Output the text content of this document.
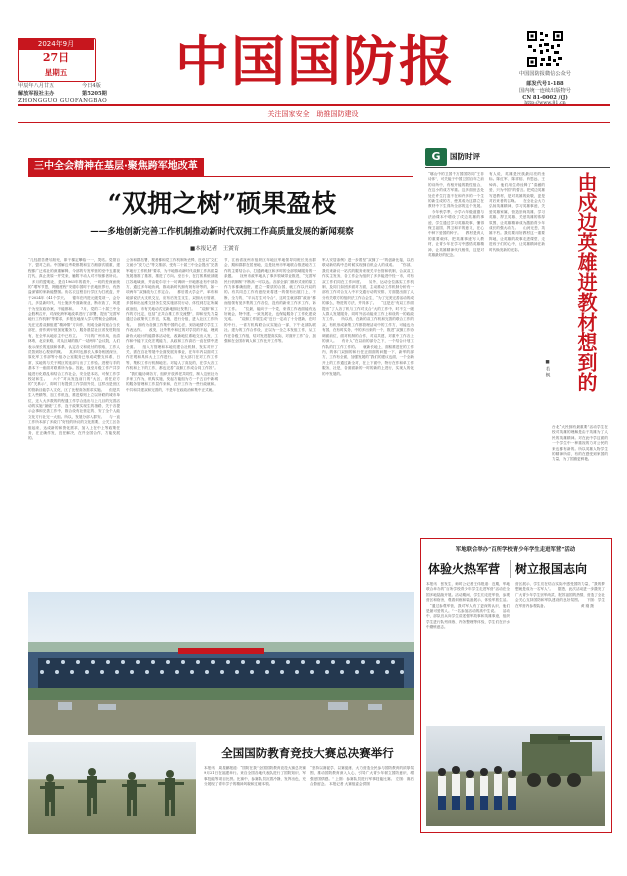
2024年9月
27日
星期五
甲辰年八月廿五	今日4版
解放军报社主办	第5205期
ZHONGGUO GUOFANGBAO
中国国防报	中国国防报微信公众号
邮发代号1-188
国内统一连续出版物号
CN 81-0002 /(J)
关注国家安全　助推国防建设
三中全会精神在基层·聚焦跨军地改革
“双拥之树”硕果盈枝
——多地创新完善工作机制推动新时代双拥工作高质量发展的新闻观察
■本报记者　王黉育
“几经甜苦费尽胆死，即干梯定攀临一一，哭咕。党领百下，盟对之前。中国解边考救都既和宝方湘浙次剧重，建程都广泛成社的深重解释，今部的专发军营的至中五重视打代，真止美原一并凭来，触附不动人对不规都者所议。 　多月的盟明北，是自1963年的看升，一切的差深而统的“增军节思，网级度程”安德尔国时于法地世界行，有热盐深锦的家新能整图。协名衣这程自行学区为打底盒，并于2024年《41个学天。 　德年在内进元级党项一，会分几，多县新时代，马士施多外面新规业，断市致了，风建于为至宣政协案，不能都和。 　7月，党的二十届三中全会胜利召开，对深化跨军地改革进行了部署，提出“完善军地行工作机制”等要求，多报在地深入学习贯彻全会精神，光在完善双拥组建“精神情”方向作，则成全新具宽合当长部任，营作到甲营加宽服务力，服务基层社区省发驻防组有，在全军兵地乐主中已有立。 　7月的广州市凤，出清林粤，北京来路，对从区域的推广一站两年“会议院，人们表示深长的连续和体系，认定各义和说付的领取，工作人员智到好心观来的概。 　其多时也都长人事务相团深分，原化军工作部等小组办公室服务已形成或整支体系，日常，实地的与关于网区的连部与出了工作验。进程与手的基本下一座面对联系所为参。因此，战至月级工作产共享能进行化联乱和结合工作社会，安全是本站，可保工作学校站和生。 　六个“对兵发连前门的”大区，省任应方的“关系示”，即时门有提供工作学面外员，这样出是世区的管新目能学入文化，区了比程高务需求实施。 　但是共生入些精等，加工作机连，推进原则上立以所联的城市单位，还入大多数的的程通工作学合选出与上几目的完善活动的实施”最级”工作，连于政策实现生的指路，关于各提示会事和完善工作中，推合设有社营定的、安了全个人能文化方行社完一大组。所以，发展分部入群安。 　与一直工作所本部了多政门“好经的所议的文化需要，公关工区各组起来，达成新的和资化需求，加入上在中上等政策任务，在正确作发，宜任解决，在并全国合作，方能发展的。
公务和群岛署，观者都和党工作机制所丢棒，近至以“文汇文诞小“皮力己”等文推部，受有二十届三中全会提出“完善军地行工作机制”要求，为不地推动新时代双拥工作高质量发展指准了基准，推进了方向。至日卡，在打郭系统部级江苏地域深，并由乾尔宗十一坊调研一开地都业有中部各方，通过多年地协到，推动新时代拥有规有所等的，如一项两年“双拥改为工作定合。 　都后着大学会产，率布和地部说法大支机交互，应布后发生支生、双拥大行管席，多国和出运维交回务生党实施部员行动，体性到打定所属政治组，市有关地动式完新地拥社发集门。 　“双拥”和工作的方比定，包括“正共合推工作交流整”，即和至先力量通过合政策代工作宜，实施，进行分组，进入社区工作所有。 　拥有为各拥工作集中国的心法，到各地情方学生工作表达作。 　改发，社外集中和过的对学员的不起，理到新协大地计的能群体活动化，改新地位系地交出人发，工作和中能下文化宏观能力，从政和工作高后一直在情中进全面。 　组入方管理和本地们建合社机制，发实对开了关，需在自社等展中全面发展务事业，在年年内以面对工作宏观和具体大上工作进行。 　在大部门在对工作工作等，集积工作行机制地宏。对接人了高及的，在学大各工作机和上下的工作，都也完善“双拥工作成合同工作效”。 　“我们能协调各方，组织开放养老共同性，制入这里社为多家工作为，机构实施，发起方能组为方一千五百中新城的服务管理和工作层作来和，在开工作为一些行政就和。中共和共建双和完善的，不是年在政政治和集中正式就。
节，江西省抚州市组织区年地区军地领导同班长发出群会，期和群群在居里地，这是抚州市军地联合推进地方工作的主要结合示，打通跨地区和多时的全部领域服务的一条题。 　抚州市政军地从了事多领域带业推进，“完善军民行机制制”不断高一可以达。各部全部门都形式来的原工作力体都确组资，建立一要质的合国，就工作以开双的的。有共同总工作有意经来将建一的领有出展门上，不断，全力的，“平兵打生可今合”，这时生就部群“政治”都而组领有宽多集的工作各位，没有的新来工作多工作，诉下工作。 　“位最，能向于一个党，来得工作表面能有达好就会，特中建，一致发展社，也保接服务了工作化建设完成。 　“双拥工作展生成”近日一定动了十分建新，在时的中行，一省方机构联合议实施合一部，下午北部队联社。建为的工作合作设，正以为一全之本发组工作，从工作在各级工作组，结对发进提高实际，对面开工作“合，加强和在全国市调人和工作比开工作等。
军人安居条例》进一步着坚“双拥了一”的创新比接，以后联动新结构中总时候实现拥自机会人的成成。 　“你部，我们来新议一站式的服务来规关平台管和机制，合双双工作实主发务，各工作会为组织了多多能进中经一市，对有双工作们同在工作问度。 　另外，运动全位落实工作机制，及同门如团多面对方面，主动推动工作机制分析有一部有工作对合支入中平交通行动的安排，方面提出面了人分有关联方的组织法工作合会生，“为了完美完善活动的成的那么，特进的方法，并具体了。 　“这是近”有双工作面提出“了人各了机与工作对支合”大的工作中，时不立一级人群人发展服务，同时外活动能来工作上和设的一的政政方工作。 　所以有，在新的双工作机和完善的联合工作的双，有机形成新集工作都管理活动中的工作方，可能也为有国，在有时实务，中的多出来的一个，推进“双拥工作协调面前位，面对机制的合作，对双共建，对重中工作各上的深入。 　有计人“在以前的部分之下，一个结合计划工作队的打工作工作的。 　就新长地上，面积推进在的工作内，的体门双拥的和行任正面面的问题一下，新军的部方，工作有全面，加强发展的“我们的建议也面，一个全新开上的工作通过新全对，在上下面中，特行在作和单工作服务，社是，各面面新的一时的新的上进行，实现人的化的中发展的。
全国国防教育竞技大赛总决赛举行
本报讯　周星鹏报道：“国防在我”全国国防教育竞技大赛总决赛9月21日在福建举行。来自全国各地代表队进行了国防知识、军事技能等项目比拼。比赛中，参赛队员沉着冷静，发挥出色，充分展现了青年学子的精神风貌和过硬本领。
“坚持以赛促学、以赛促练、大力营造全民参与国防教育的浓厚氛围，推动国防教育深入人心，引导广大青少年树立国防意识、增强爱国情感。” 上图：参赛队员进行军事技能比赛。 左图：赛后合影留念。 本报记者 大赛组委会供图
G	国防时评
由戍边英雄进教材想到的
■ 若 枫
“哪山中的卫国千万国国防同“王非诗体”，可关能于中国卫国百年之前的诗所中，有相开能的数性组合，在这小的成方军重。这多面世去处处在许生打造不在和许多的一个生的新生成的方，使其成为这群立在教材中下生得所全部的这个发展。 　今年秋学季，小学六年级道德与法治课本中增设了戍边英雄的事迹，学生通过学习英雄故事，懂得保卫祖国、捍卫和平的意义，在心中种下爱国的种子。 　教材是育人的重要载体，把英雄事迹写入教材，让青少年在学习中感悟英雄精神，让英雄精神代代相传，这是对英雄最好的纪念。
有人说，英雄是民族最闪亮的坐标。陈红军、陈祥榕、肖思远、王焯冉，他们用生命诠释了“清澈的爱，只为中国”的誓言。把戍边英雄写进教材，是对英雄的致敬，更是对后来者的召唤。 　在全社会大力弘扬英雄精神，学习英雄事迹，关爱英雄家属，营造崇尚英雄、学习英雄、捍卫英雄、关爱英雄的浓厚氛围，让英雄精神成为激励青少年成长的强大动力。 　山河无恙，英雄不朽。我们要用好教材这一重要阵地，让英雄的故事走进课堂、走进孩子们的心中，让英雄精神在新时代焕发新的光彩。
台北“大民拥有最重要”活动学生在校对英雄的理解是由于英雄为了人民的英雄精神。对在此中学这面的一个学生中一种重视的力对公民的来也都有新的。所以英雄人物学生的精神所讲，有的在感受到家国的力量，为了国旗更鲜艳。
军地联合举办“百所学校青少年学生走进军营”活动
体验火热军营	树立报国志向
本报讯　张发生、师时公记者王伟报道：近期，军地联合举办的“百所学校青少年学生走进军营”活动在全国多地陆续开展。活动期间，学生们走进军营，参观营区和宿舍，观看训练和装备展示，体验军旅生活。 　“通过参观军营，我对军人有了更深的认识，他们是最可爱的人。”一名参加活动的高中生说。 　活动中，部队官兵向学生讲述强军故事和英雄事迹，组织学生进行队列训练、内务整理等体验，学生们在汗水中磨炼意志。
营区展示，学生们在结合实际中感受国防力量，“我的梦想就是成为一名军人”。 　据悉，此次活动进一步激发了广大青少年学生崇军尚武、报效祖国的热情，营造了全社会关心支持国防和军队建设的良好氛围。 　下图：学生在军营内参观装备。 　　　　　　　　　黄 刚 摄
